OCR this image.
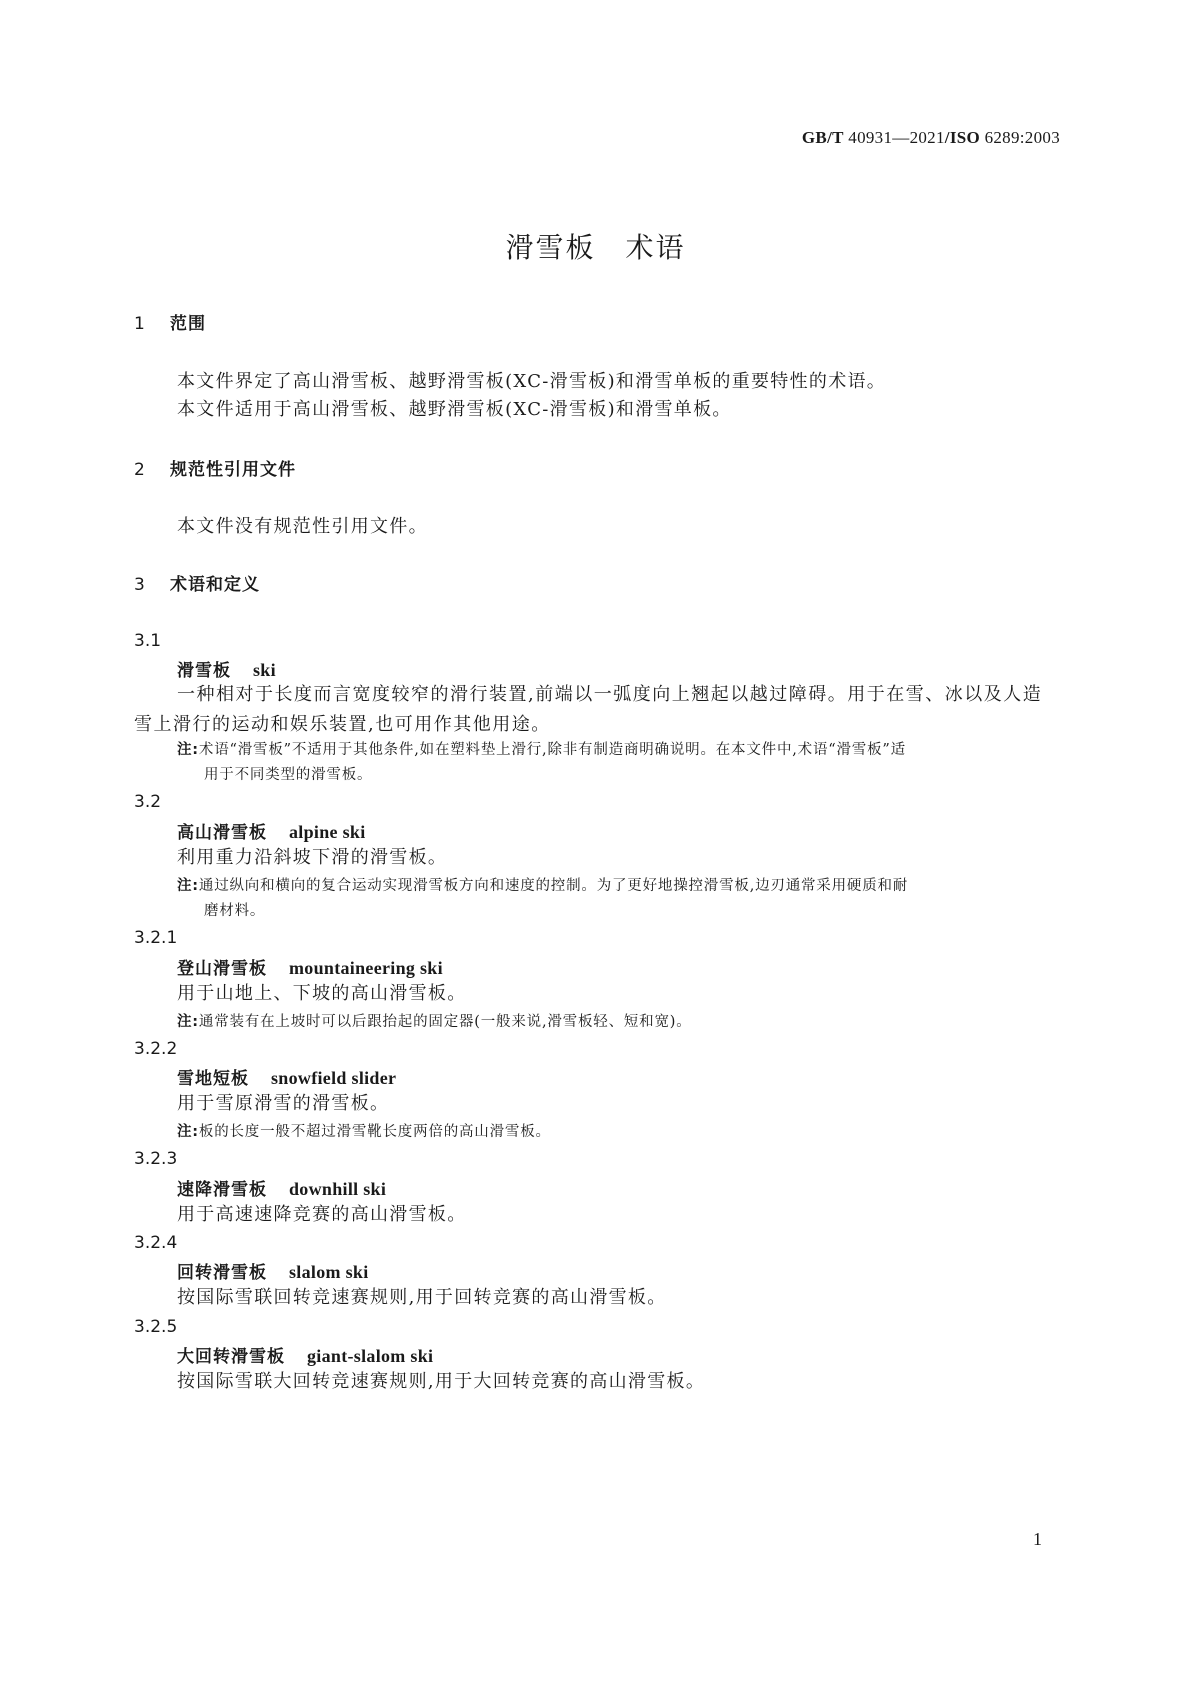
GB/T 40931—2021/ISO 6289:2003
滑雪板　术语
1 范围
本文件界定了高山滑雪板、越野滑雪板(XC-滑雪板)和滑雪单板的重要特性的术语。
本文件适用于高山滑雪板、越野滑雪板(XC-滑雪板)和滑雪单板。
2 规范性引用文件
本文件没有规范性引用文件。
3 术语和定义
3.1
滑雪板 ski
一种相对于长度而言宽度较窄的滑行装置,前端以一弧度向上翘起以越过障碍。用于在雪、冰以及人造雪上滑行的运动和娱乐装置,也可用作其他用途。
注:术语“滑雪板”不适用于其他条件,如在塑料垫上滑行,除非有制造商明确说明。在本文件中,术语“滑雪板”适
用于不同类型的滑雪板。
3.2
高山滑雪板 alpine ski
利用重力沿斜坡下滑的滑雪板。
注:通过纵向和横向的复合运动实现滑雪板方向和速度的控制。为了更好地操控滑雪板,边刃通常采用硬质和耐
磨材料。
3.2.1
登山滑雪板 mountaineering ski
用于山地上、下坡的高山滑雪板。
注:通常装有在上坡时可以后跟抬起的固定器(一般来说,滑雪板轻、短和宽)。
3.2.2
雪地短板 snowfield slider
用于雪原滑雪的滑雪板。
注:板的长度一般不超过滑雪靴长度两倍的高山滑雪板。
3.2.3
速降滑雪板 downhill ski
用于高速速降竞赛的高山滑雪板。
3.2.4
回转滑雪板 slalom ski
按国际雪联回转竞速赛规则,用于回转竞赛的高山滑雪板。
3.2.5
大回转滑雪板 giant-slalom ski
按国际雪联大回转竞速赛规则,用于大回转竞赛的高山滑雪板。
1
